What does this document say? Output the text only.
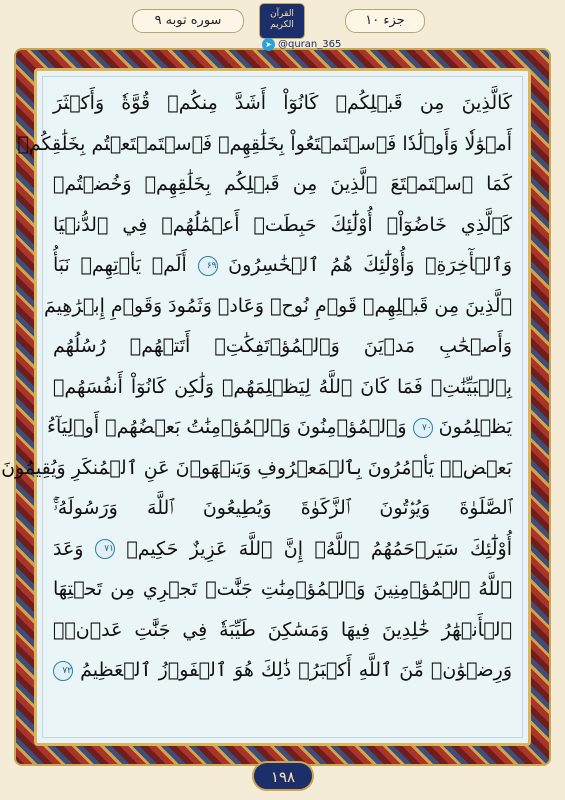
سوره توبه ۹	القرآن الكريم	جزء ۱۰
➤ @quran_365
كَالَّذِينَ مِن قَبۡلِكُمۡ كَانُوٓاْ أَشَدَّ مِنكُمۡ قُوَّةٗ وَأَكۡثَرَ
أَمۡوَٰلٗا وَأَوۡلَٰدٗا فَٱسۡتَمۡتَعُواْ بِخَلَٰقِهِمۡ فَٱسۡتَمۡتَعۡتُم بِخَلَٰقِكُمۡ
كَمَا ٱسۡتَمۡتَعَ ٱلَّذِينَ مِن قَبۡلِكُم بِخَلَٰقِهِمۡ وَخُضۡتُمۡ
كَٱلَّذِي خَاضُوٓاْۚ أُوْلَٰٓئِكَ حَبِطَتۡ أَعۡمَٰلُهُمۡ فِي ٱلدُّنۡيَا
وَٱلۡأٓخِرَةِۖ وَأُوْلَٰٓئِكَ هُمُ ٱلۡخَٰسِرُونَ ۶۹ أَلَمۡ يَأۡتِهِمۡ نَبَأُ
ٱلَّذِينَ مِن قَبۡلِهِمۡ قَوۡمِ نُوحٖ وَعَادٖ وَثَمُودَ وَقَوۡمِ إِبۡرَٰهِيمَ
وَأَصۡحَٰبِ مَدۡيَنَ وَٱلۡمُؤۡتَفِكَٰتِۚ أَتَتۡهُمۡ رُسُلُهُم
بِٱلۡبَيِّنَٰتِۖ فَمَا كَانَ ٱللَّهُ لِيَظۡلِمَهُمۡ وَلَٰكِن كَانُوٓاْ أَنفُسَهُمۡ
يَظۡلِمُونَ ۷۰ وَٱلۡمُؤۡمِنُونَ وَٱلۡمُؤۡمِنَٰتُ بَعۡضُهُمۡ أَوۡلِيَآءُ
بَعۡضٖۚ يَأۡمُرُونَ بِٱلۡمَعۡرُوفِ وَيَنۡهَوۡنَ عَنِ ٱلۡمُنكَرِ وَيُقِيمُونَ
ٱلصَّلَوٰةَ وَيُؤۡتُونَ ٱلزَّكَوٰةَ وَيُطِيعُونَ ٱللَّهَ وَرَسُولَهُۥٓۚ
أُوْلَٰٓئِكَ سَيَرۡحَمُهُمُ ٱللَّهُۗ إِنَّ ٱللَّهَ عَزِيزٌ حَكِيمٞ ۷۱ وَعَدَ
ٱللَّهُ ٱلۡمُؤۡمِنِينَ وَٱلۡمُؤۡمِنَٰتِ جَنَّٰتٖ تَجۡرِي مِن تَحۡتِهَا
ٱلۡأَنۡهَٰرُ خَٰلِدِينَ فِيهَا وَمَسَٰكِنَ طَيِّبَةٗ فِي جَنَّٰتِ عَدۡنٖۚ
وَرِضۡوَٰنٞ مِّنَ ٱللَّهِ أَكۡبَرُۚ ذَٰلِكَ هُوَ ٱلۡفَوۡزُ ٱلۡعَظِيمُ ۷۲
۱۹۸
